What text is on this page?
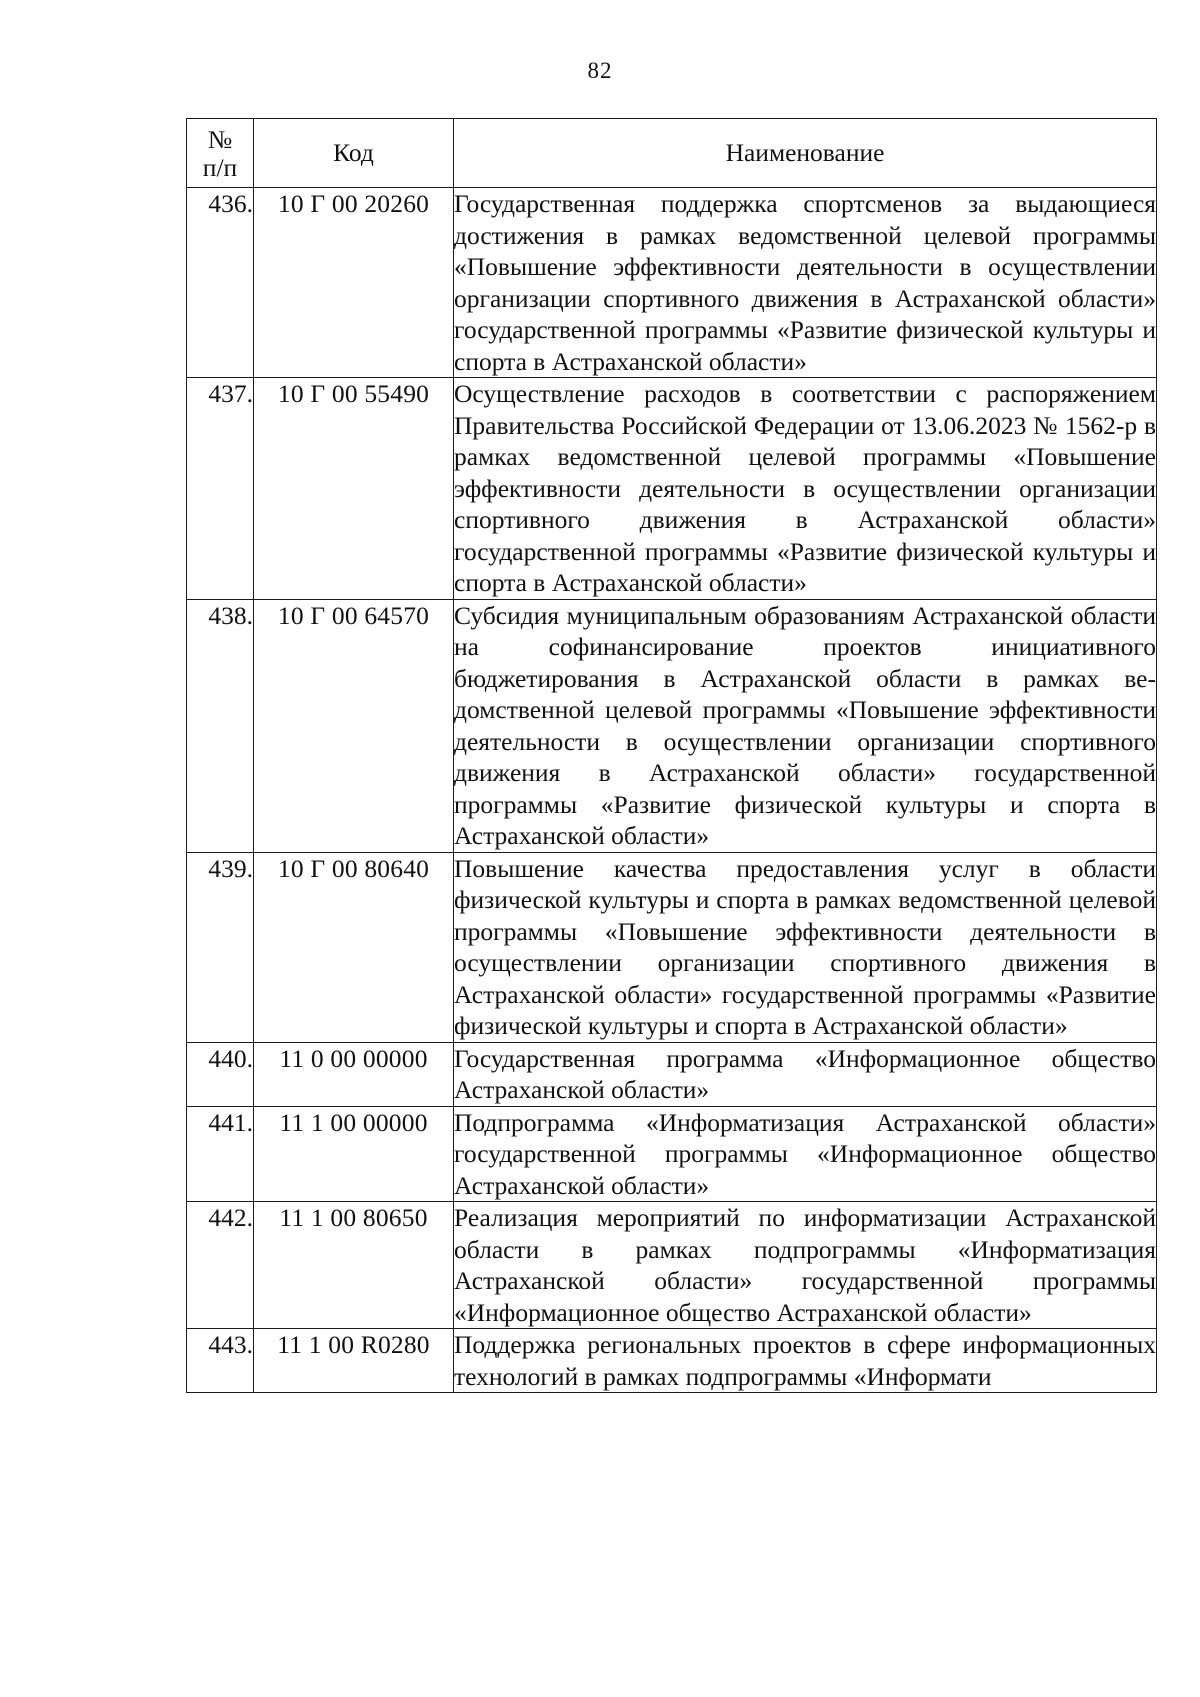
82
№
п/п	Код	Наименование
436.	10 Г 00 20260	Государственная поддержка спортсменов за выдающиеся достижения в рамках ведомственной целевой программы «Повышение эффективности деятельности в осуществлении организации спортивного движения в Астраханской области» государственной программы «Развитие физической культуры и спорта в Астраханской области»
437.	10 Г 00 55490	Осуществление расходов в соответствии с распоряжением Правительства Российской Федерации от 13.06.2023 № 1562-р в рамках ведомственной целевой программы «Повышение эффективности деятельности в осуществлении организации спортивного движения в Астраханской области» государственной программы «Развитие физической культуры и спорта в Астраханской области»
438.	10 Г 00 64570	Субсидия муниципальным образованиям Астраханской области на софинансирование проектов инициативного бюджетирования в Астраханской области в рамках ведомственной целевой программы «Повышение эффективности деятельности в осуществлении организации спортивного движения в Астраханской области» государственной программы «Развитие физической культуры и спорта в Астраханской области»
439.	10 Г 00 80640	Повышение качества предоставления услуг в области физической культуры и спорта в рамках ведомственной целевой программы «Повышение эффективности деятельности в осуществлении организации спортивного движения в Астраханской области» государственной программы «Развитие физической культуры и спорта в Астраханской области»
440.	11 0 00 00000	Государственная программа «Информационное общество Астраханской области»
441.	11 1 00 00000	Подпрограмма «Информатизация Астраханской области» государственной программы «Информационное общество Астраханской области»
442.	11 1 00 80650	Реализация мероприятий по информатизации Астраханской области в рамках подпрограммы «Информатизация Астраханской области» государственной программы «Информационное общество Астраханской области»
443.	11 1 00 R0280	Поддержка региональных проектов в сфере информационных технологий в рамках подпрограммы «Информати
